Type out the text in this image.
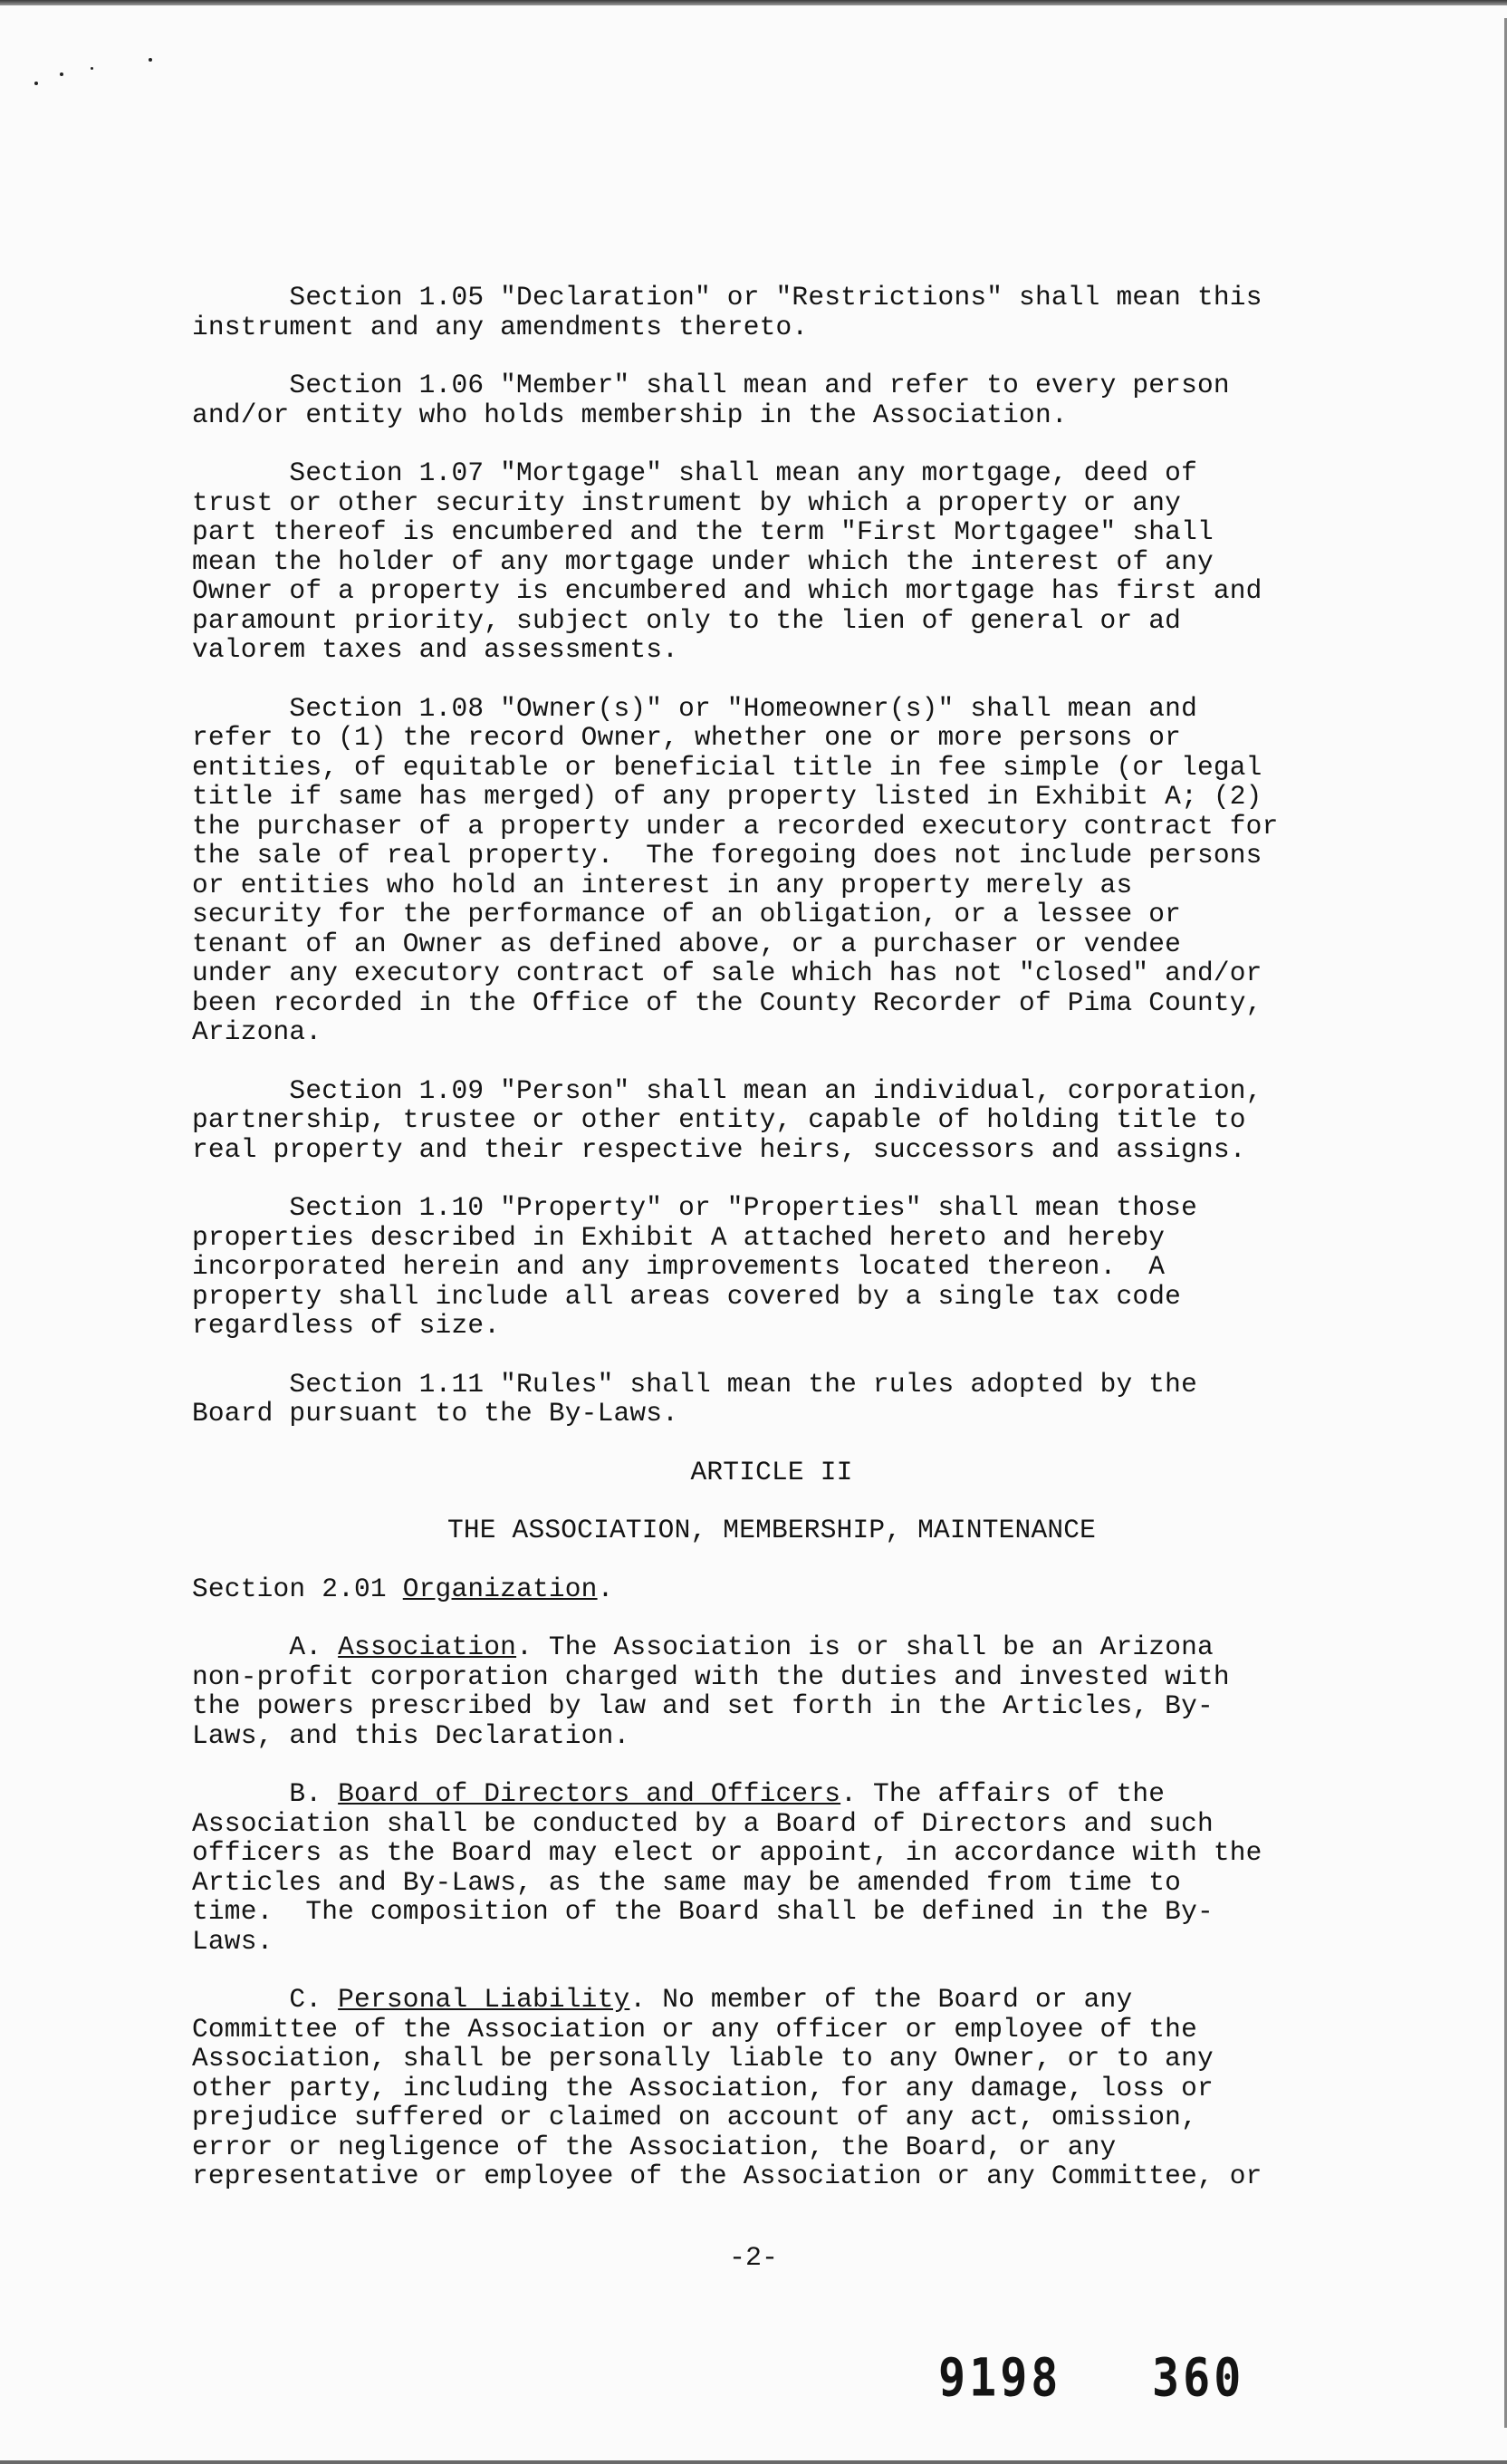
Section 1.05 "Declaration" or "Restrictions" shall mean this
instrument and any amendments thereto.
Section 1.06 "Member" shall mean and refer to every person
and/or entity who holds membership in the Association.
Section 1.07 "Mortgage" shall mean any mortgage, deed of
trust or other security instrument by which a property or any
part thereof is encumbered and the term "First Mortgagee" shall
mean the holder of any mortgage under which the interest of any
Owner of a property is encumbered and which mortgage has first and
paramount priority, subject only to the lien of general or ad
valorem taxes and assessments.
Section 1.08 "Owner(s)" or "Homeowner(s)" shall mean and
refer to (1) the record Owner, whether one or more persons or
entities, of equitable or beneficial title in fee simple (or legal
title if same has merged) of any property listed in Exhibit A; (2)
the purchaser of a property under a recorded executory contract for
the sale of real property.  The foregoing does not include persons
or entities who hold an interest in any property merely as
security for the performance of an obligation, or a lessee or
tenant of an Owner as defined above, or a purchaser or vendee
under any executory contract of sale which has not "closed" and/or
been recorded in the Office of the County Recorder of Pima County,
Arizona.
Section 1.09 "Person" shall mean an individual, corporation,
partnership, trustee or other entity, capable of holding title to
real property and their respective heirs, successors and assigns.
Section 1.10 "Property" or "Properties" shall mean those
properties described in Exhibit A attached hereto and hereby
incorporated herein and any improvements located thereon.  A
property shall include all areas covered by a single tax code
regardless of size.
Section 1.11 "Rules" shall mean the rules adopted by the
Board pursuant to the By-Laws.
ARTICLE II
THE ASSOCIATION, MEMBERSHIP, MAINTENANCE
Section 2.01 Organization.
A. Association. The Association is or shall be an Arizona
non-profit corporation charged with the duties and invested with
the powers prescribed by law and set forth in the Articles, By-
Laws, and this Declaration.
B. Board of Directors and Officers. The affairs of the
Association shall be conducted by a Board of Directors and such
officers as the Board may elect or appoint, in accordance with the
Articles and By-Laws, as the same may be amended from time to
time.  The composition of the Board shall be defined in the By-
Laws.
C. Personal Liability. No member of the Board or any
Committee of the Association or any officer or employee of the
Association, shall be personally liable to any Owner, or to any
other party, including the Association, for any damage, loss or
prejudice suffered or claimed on account of any act, omission,
error or negligence of the Association, the Board, or any
representative or employee of the Association or any Committee, or
-2-
9198 360
